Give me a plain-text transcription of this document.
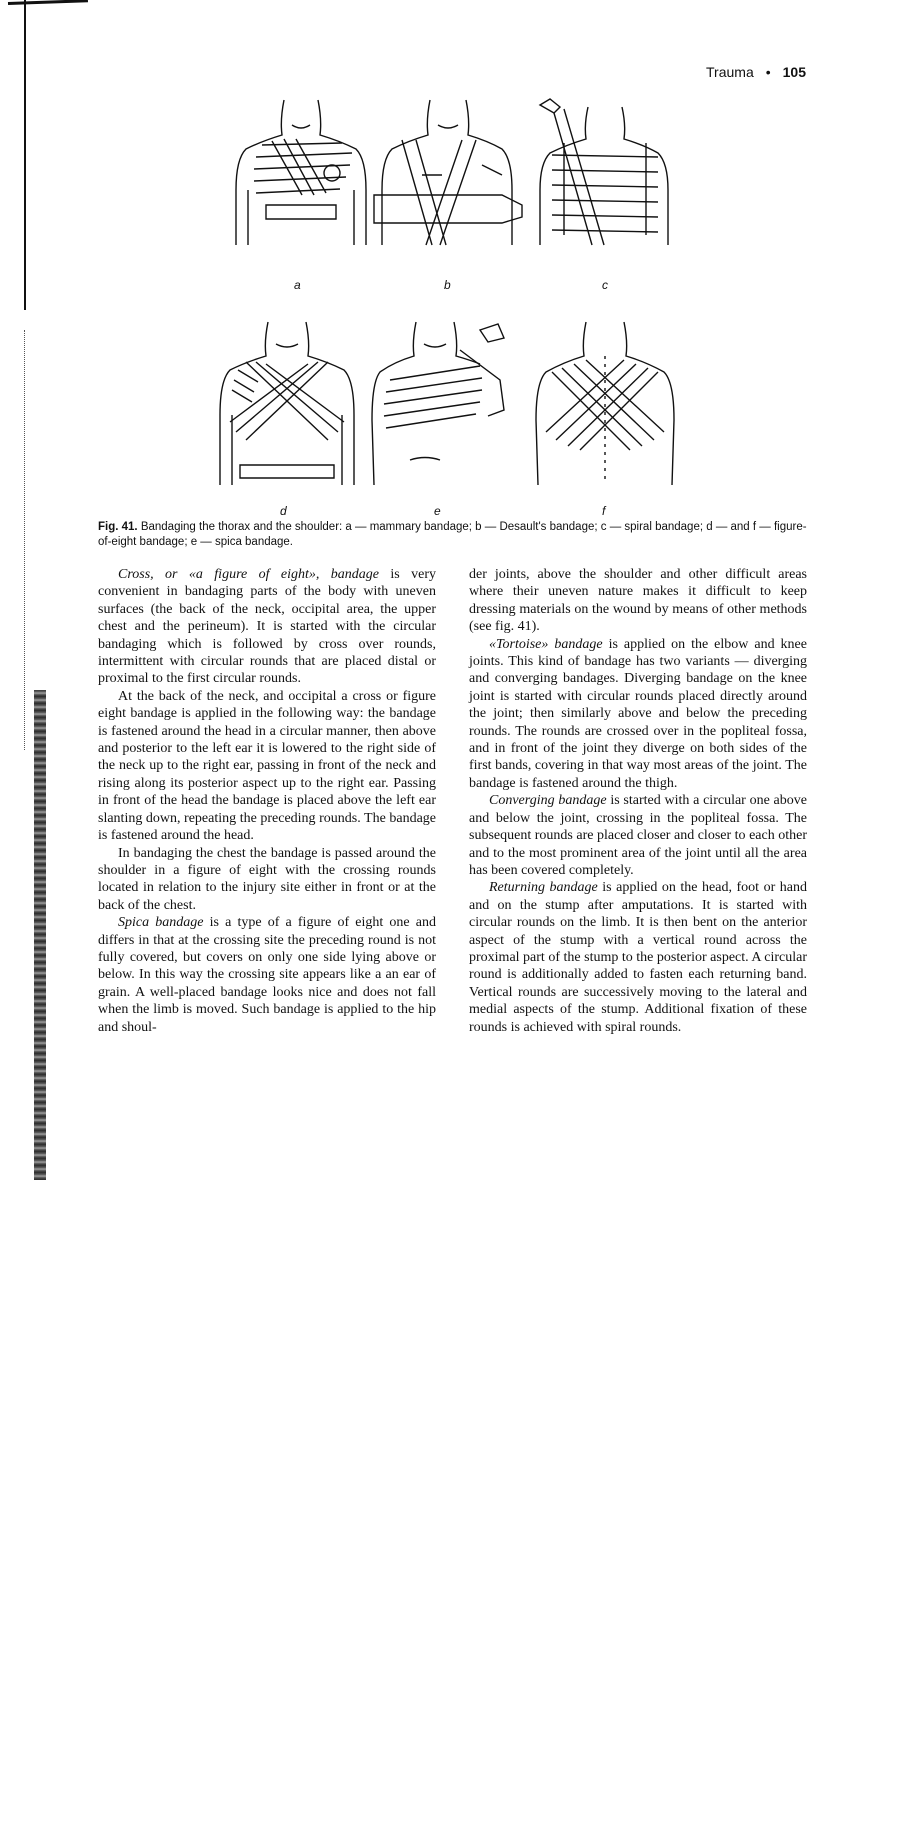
Trauma • 105
a	b	c
d	e	f
Fig. 41. Bandaging the thorax and the shoulder: a — mammary bandage; b — Desault's bandage; c — spiral bandage; d — and f — figure-of-eight bandage; e — spica bandage.

Cross, or «a figure of eight», bandage is very convenient in bandaging parts of the body with uneven surfaces (the back of the neck, occipital area, the upper chest and the perineum). It is started with the circular bandaging which is followed by cross over rounds, intermittent with circular rounds that are placed distal or proximal to the first circular rounds.

At the back of the neck, and occipital a cross or figure eight bandage is applied in the following way: the bandage is fastened around the head in a circular manner, then above and posterior to the left ear it is lowered to the right side of the neck up to the right ear, passing in front of the neck and rising along its posterior aspect up to the right ear. Passing in front of the head the bandage is placed above the left ear slanting down, repeating the preceding rounds. The bandage is fastened around the head.

In bandaging the chest the bandage is passed around the shoulder in a figure of eight with the crossing rounds located in relation to the injury site either in front or at the back of the chest.

Spica bandage is a type of a figure of eight one and differs in that at the crossing site the preceding round is not fully covered, but covers on only one side lying above or below. In this way the crossing site appears like a an ear of grain. A well-placed bandage looks nice and does not fall when the limb is moved. Such bandage is applied to the hip and shoul-

der joints, above the shoulder and other difficult areas where their uneven nature makes it difficult to keep dressing materials on the wound by means of other methods (see fig. 41).

«Tortoise» bandage is applied on the elbow and knee joints. This kind of bandage has two variants — diverging and converging bandages. Diverging bandage on the knee joint is started with circular rounds placed directly around the joint; then similarly above and below the preceding rounds. The rounds are crossed over in the popliteal fossa, and in front of the joint they diverge on both sides of the first bands, covering in that way most areas of the joint. The bandage is fastened around the thigh.

Converging bandage is started with a circular one above and below the joint, crossing in the popliteal fossa. The subsequent rounds are placed closer and closer to each other and to the most prominent area of the joint until all the area has been covered completely.

Returning bandage is applied on the head, foot or hand and on the stump after amputations. It is started with circular rounds on the limb. It is then bent on the anterior aspect of the stump with a vertical round across the proximal part of the stump to the posterior aspect. A circular round is additionally added to fasten each returning band. Vertical rounds are successively moving to the lateral and medial aspects of the stump. Additional fixation of these rounds is achieved with spiral rounds.
